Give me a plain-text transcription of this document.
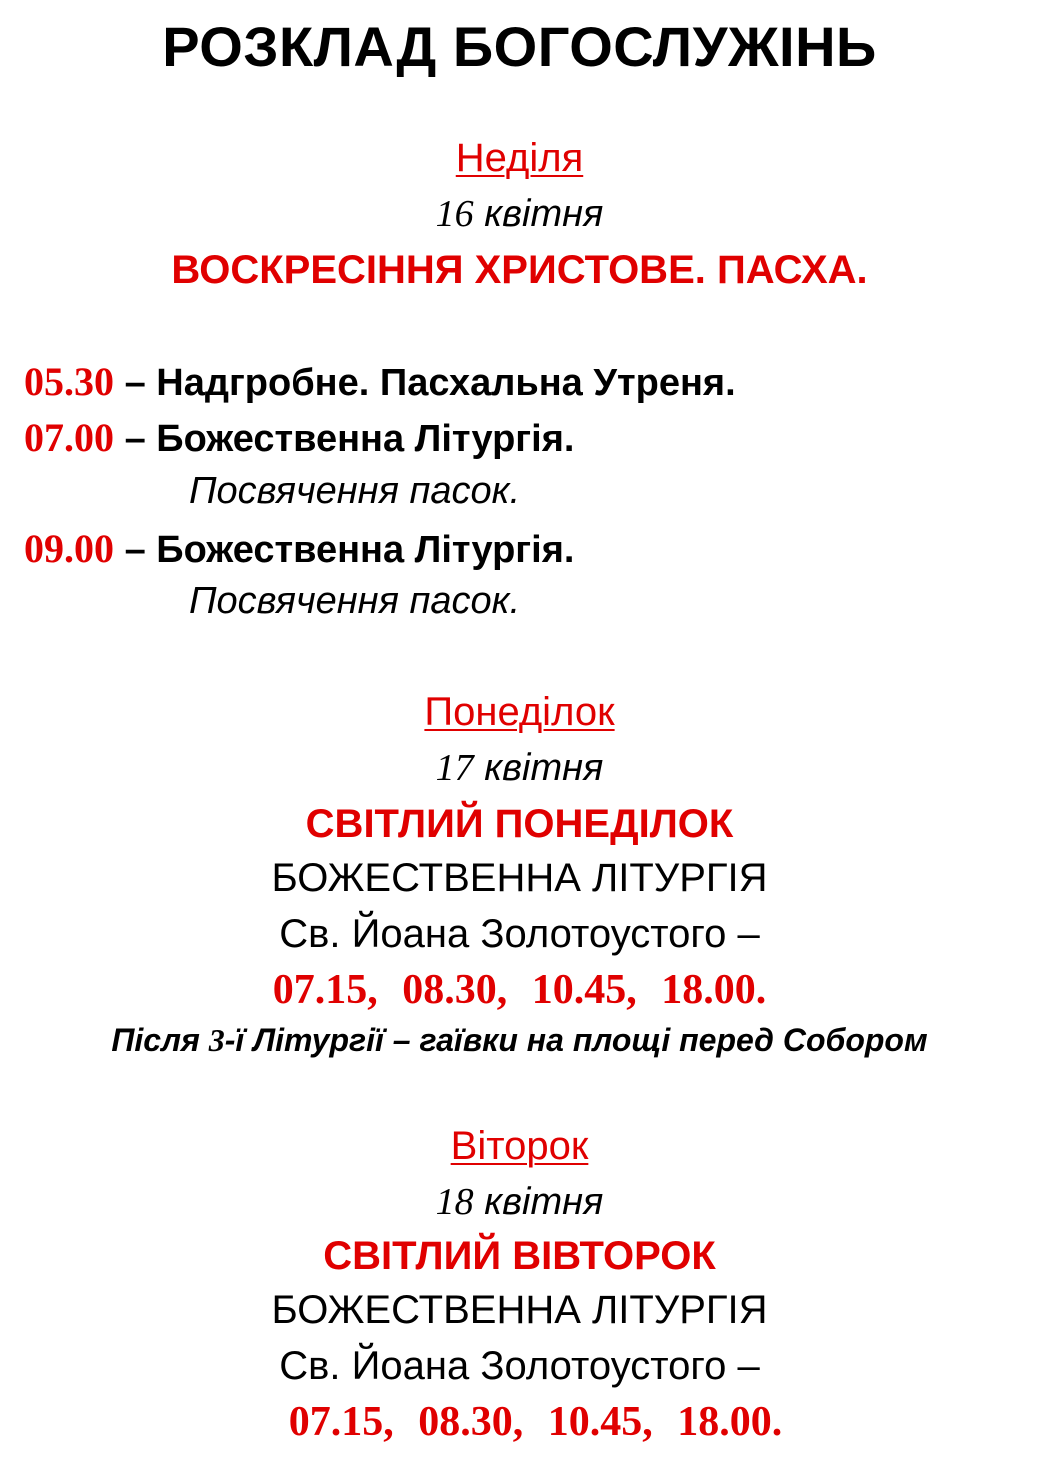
РОЗКЛАД БОГОСЛУЖІНЬ
Неділя
16 квітня
ВОСКРЕСІННЯ ХРИСТОВЕ. ПАСХА.
05.30 – Надгробне. Пасхальна Утреня.
07.00 – Божественна Літургія.
Посвячення пасок.
09.00 – Божественна Літургія.
Посвячення пасок.
Понеділок
17 квітня
СВІТЛИЙ ПОНЕДІЛОК
БОЖЕСТВЕННА ЛІТУРГІЯ
Св. Йоана Золотоустого –
07.15, 08.30, 10.45, 18.00.
Після 3-ї Літургії – гаївки на площі перед Собором
Віторок
18 квітня
СВІТЛИЙ ВІВТОРОК
БОЖЕСТВЕННА ЛІТУРГІЯ
Св. Йоана Золотоустого –
07.15, 08.30, 10.45, 18.00.
